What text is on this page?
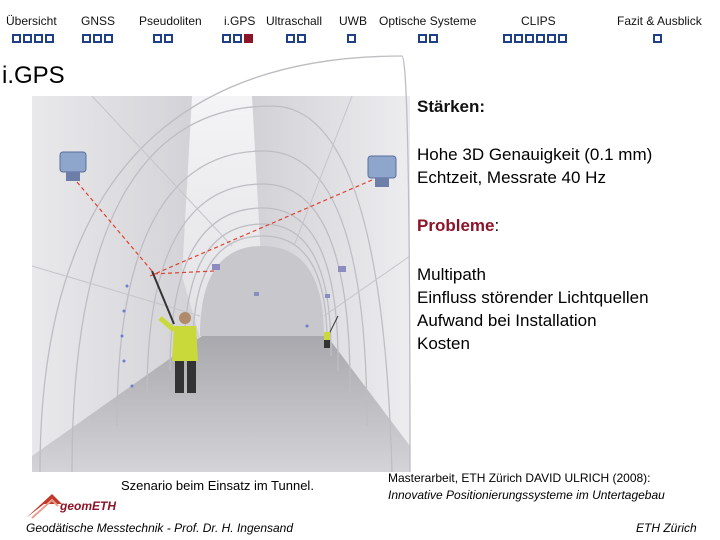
Übersicht GNSS Pseudoliten i.GPS Ultraschall UWB Optische Systeme	CLIPS	Fazit & Ausblick
i.GPS
Stärken:
Hohe 3D Genauigkeit (0.1 mm)
Echtzeit, Messrate 40 Hz
Probleme:
Multipath
Einfluss störender Lichtquellen
Aufwand bei Installation
Kosten
Szenario beim Einsatz im Tunnel.	Masterarbeit, ETH Zürich DAVID ULRICH (2008):
Innovative Positionierungssysteme im Untertagebau
geomETH
Geodätische Messtechnik - Prof. Dr. H. Ingensand	ETH Zürich
